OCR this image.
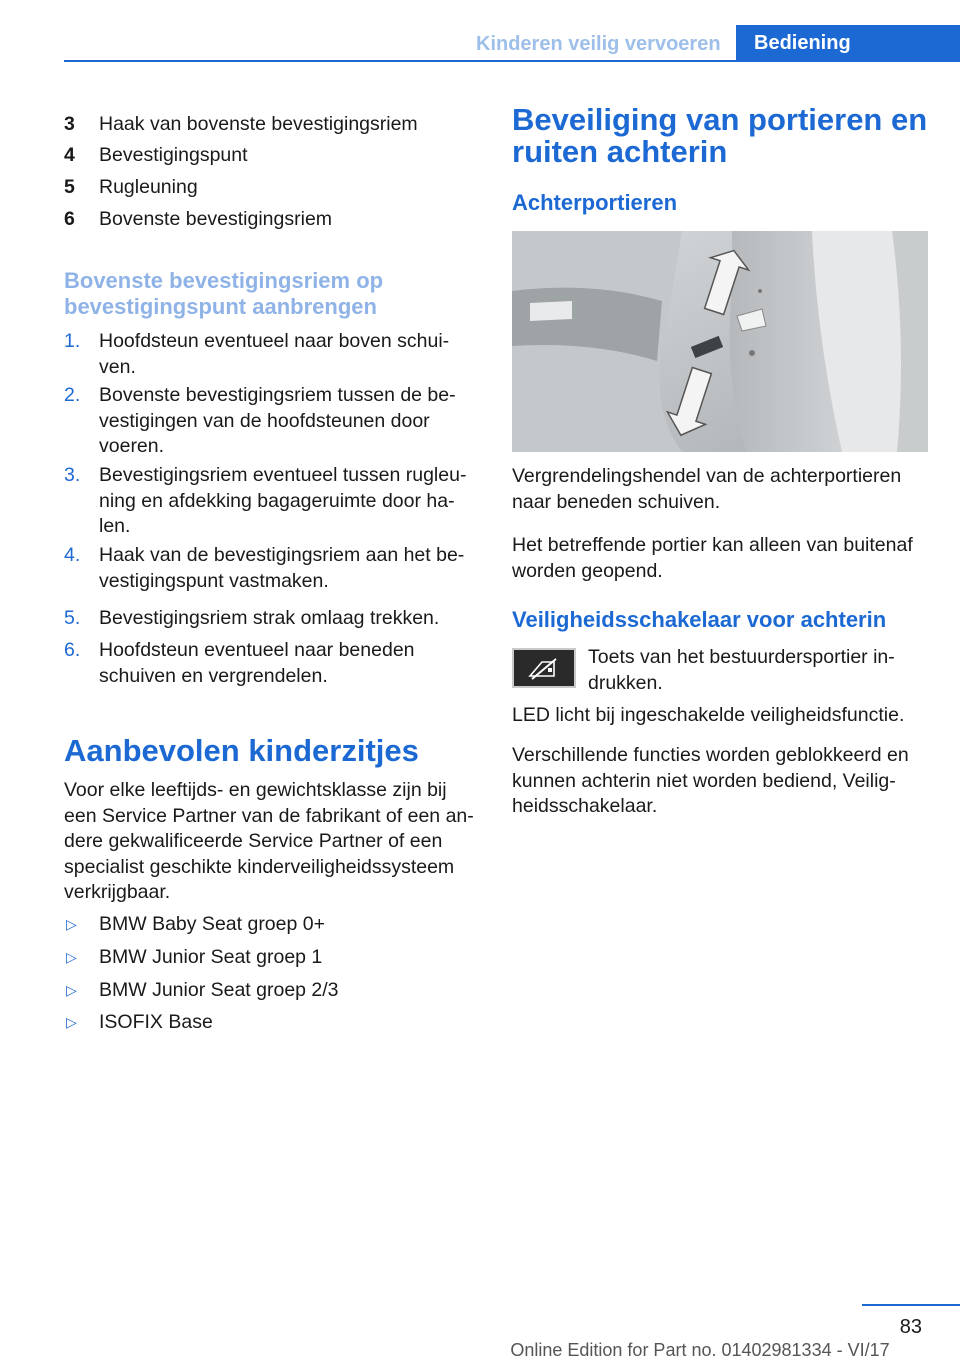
Kinderen veilig vervoeren	Bediening
3 Haak van bovenste bevestigingsriem
4 Bevestigingspunt
5 Rugleuning
6 Bovenste bevestigingsriem
Bovenste bevestigingsriem op
bevestigingspunt aanbrengen
1. Hoofdsteun eventueel naar boven schui-
ven.
2. Bovenste bevestigingsriem tussen de be-
vestigingen van de hoofdsteunen door
voeren.
3. Bevestigingsriem eventueel tussen rugleu-
ning en afdekking bagageruimte door ha-
len.
4. Haak van de bevestigingsriem aan het be-
vestigingspunt vastmaken.
5. Bevestigingsriem strak omlaag trekken.
6. Hoofdsteun eventueel naar beneden
schuiven en vergrendelen.
Aanbevolen kinderzitjes
Voor elke leeftijds- en gewichtsklasse zijn bij
een Service Partner van de fabrikant of een an-
dere gekwalificeerde Service Partner of een
specialist geschikte kinderveiligheidssysteem
verkrijgbaar.
▷ BMW Baby Seat groep 0+
▷ BMW Junior Seat groep 1
▷ BMW Junior Seat groep 2/3
▷ ISOFIX Base
Beveiliging van portieren en
ruiten achterin
Achterportieren
Vergrendelingshendel van de achterportieren
naar beneden schuiven.
Het betreffende portier kan alleen van buitenaf
worden geopend.
Veiligheidsschakelaar voor achterin
Toets van het bestuurdersportier in-
drukken.
LED licht bij ingeschakelde veiligheidsfunctie.
Verschillende functies worden geblokkeerd en
kunnen achterin niet worden bediend, Veilig-
heidsschakelaar.
83
Online Edition for Part no. 01402981334 - VI/17
